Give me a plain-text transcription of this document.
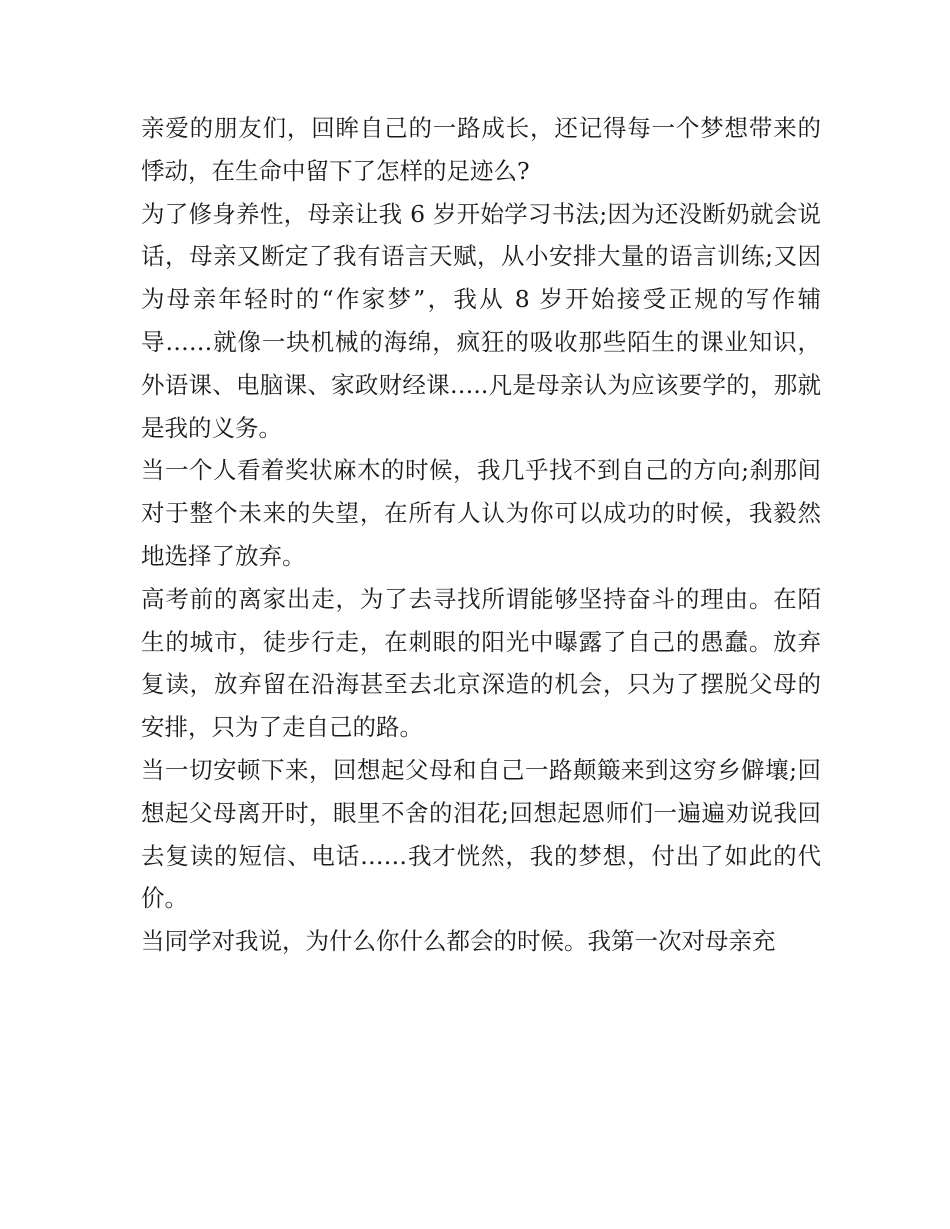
亲爱的朋友们，回眸自己的一路成长，还记得每一个梦想带来的悸动，在生命中留下了怎样的足迹么?

为了修身养性，母亲让我 6 岁开始学习书法;因为还没断奶就会说话，母亲又断定了我有语言天赋，从小安排大量的语言训练;又因为母亲年轻时的“作家梦”，我从 8 岁开始接受正规的写作辅导……就像一块机械的海绵，疯狂的吸收那些陌生的课业知识，外语课、电脑课、家政财经课…..凡是母亲认为应该要学的，那就是我的义务。

当一个人看着奖状麻木的时候，我几乎找不到自己的方向;刹那间对于整个未来的失望，在所有人认为你可以成功的时候，我毅然地选择了放弃。

高考前的离家出走，为了去寻找所谓能够坚持奋斗的理由。在陌生的城市，徒步行走，在刺眼的阳光中曝露了自己的愚蠢。放弃复读，放弃留在沿海甚至去北京深造的机会，只为了摆脱父母的安排，只为了走自己的路。

当一切安顿下来，回想起父母和自己一路颠簸来到这穷乡僻壤;回想起父母离开时，眼里不舍的泪花;回想起恩师们一遍遍劝说我回去复读的短信、电话……我才恍然，我的梦想，付出了如此的代价。

当同学对我说，为什么你什么都会的时候。我第一次对母亲充
